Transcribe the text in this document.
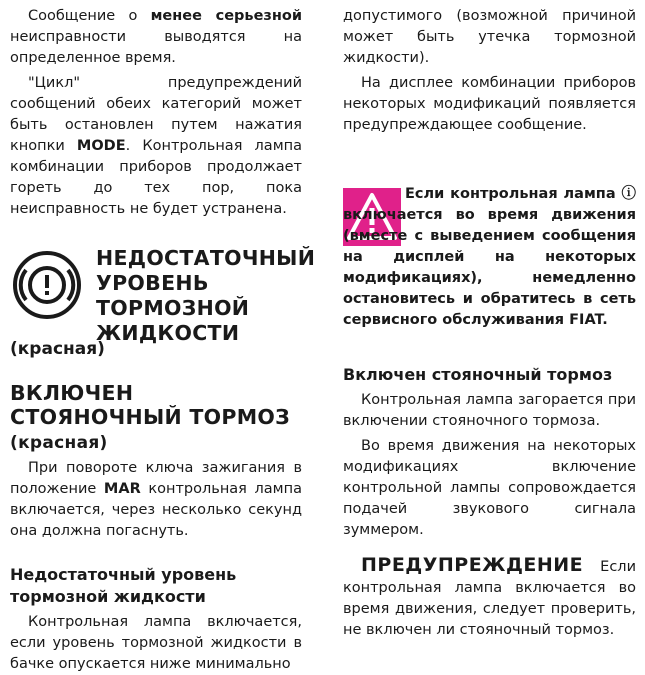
Сообщение о менее серьезной неисправности выводятся на определенное время.

"Цикл" предупреждений сообщений обеих категорий может быть остановлен путем нажатия кнопки MODE. Контрольная лампа комбинации приборов продолжает гореть до тех пор, пока неисправность не будет устранена.

НЕДОСТАТОЧНЫЙ УРОВЕНЬ ТОРМОЗНОЙ ЖИДКОСТИ
(красная)
ВКЛЮЧЕН СТОЯНОЧНЫЙ ТОРМОЗ (красная)

При повороте ключа зажигания в положение MAR контрольная лампа включается, через несколько секунд она должна погаснуть.

Недостаточный уровень тормозной жидкости

Контрольная лампа включается, если уровень тормозной жидкости в бачке опускается ниже минимально

допустимого (возможной причиной может быть утечка тормозной жидкости).

На дисплее комбинации приборов некоторых модификаций появляется предупреждающее сообщение.

Если контрольная лампа ⓘ включается во время движения (вместе с выведением сообщения на дисплей на некоторых модификациях), немедленно остановитесь и обратитесь в сеть сервисного обслуживания FIAT.

Включен стояночный тормоз

Контрольная лампа загорается при включении стояночного тормоза.

Во время движения на некоторых модификациях включение контрольной лампы сопровождается подачей звукового сигнала зуммером.

ПРЕДУПРЕЖДЕНИЕ Если контрольная лампа включается во время движения, следует проверить, не включен ли стояночный тормоз.
